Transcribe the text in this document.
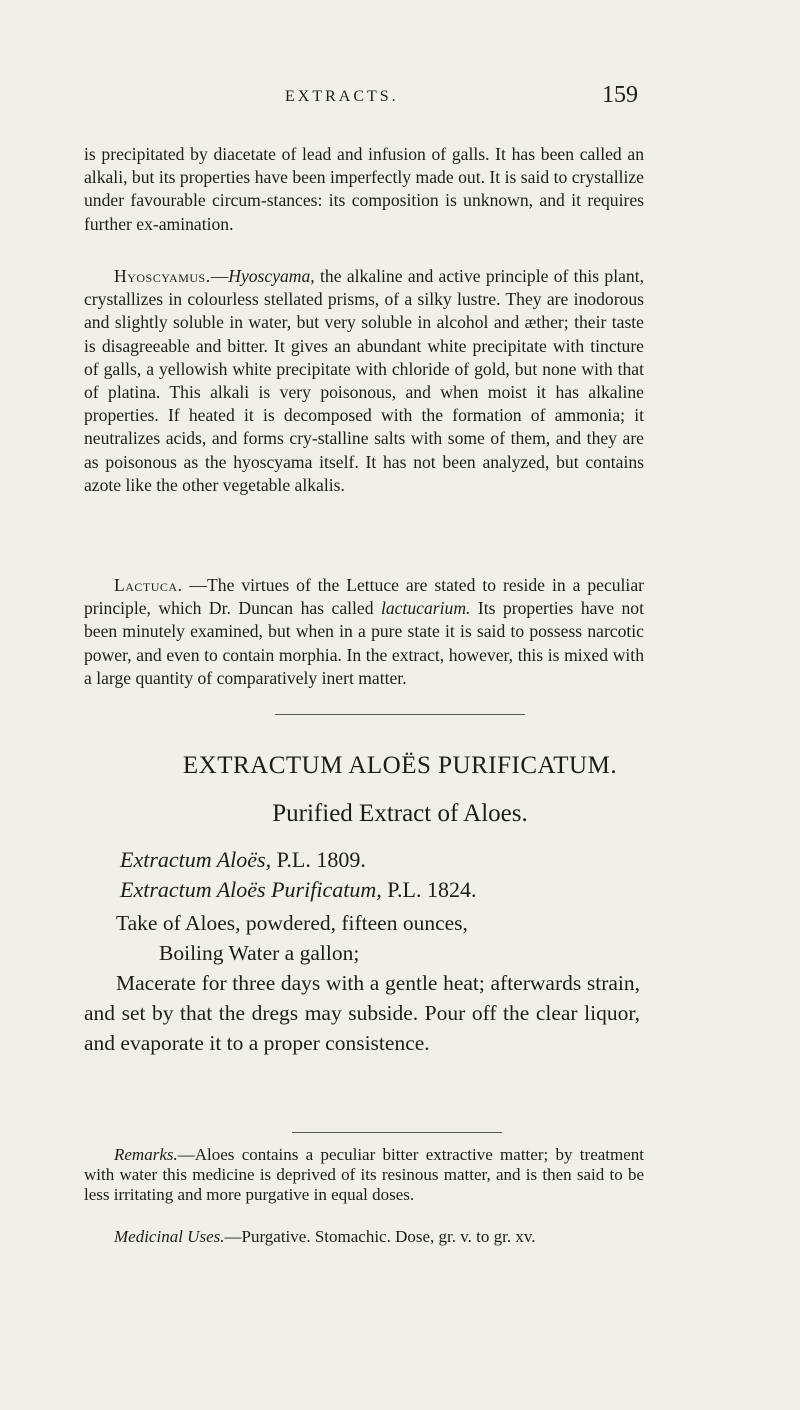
EXTRACTS.	159

is precipitated by diacetate of lead and infusion of galls. It has been called an alkali, but its properties have been imperfectly made out. It is said to crystallize under favourable circum-stances: its composition is unknown, and it requires further ex-amination.

Hyoscyamus.—Hyoscyama, the alkaline and active principle of this plant, crystallizes in colourless stellated prisms, of a silky lustre. They are inodorous and slightly soluble in water, but very soluble in alcohol and æther; their taste is disagreeable and bitter. It gives an abundant white precipitate with tincture of galls, a yellowish white precipitate with chloride of gold, but none with that of platina. This alkali is very poisonous, and when moist it has alkaline properties. If heated it is decomposed with the formation of ammonia; it neutralizes acids, and forms cry-stalline salts with some of them, and they are as poisonous as the hyoscyama itself. It has not been analyzed, but contains azote like the other vegetable alkalis.

Lactuca. —The virtues of the Lettuce are stated to reside in a peculiar principle, which Dr. Duncan has called lactucarium. Its properties have not been minutely examined, but when in a pure state it is said to possess narcotic power, and even to contain morphia. In the extract, however, this is mixed with a large quantity of comparatively inert matter.

EXTRACTUM ALOËS PURIFICATUM.
Purified Extract of Aloes.
Extractum Aloës, P.L. 1809.
Extractum Aloës Purificatum, P.L. 1824.
Take of Aloes, powdered, fifteen ounces,
Boiling Water a gallon;
Macerate for three days with a gentle heat; afterwards strain, and set by that the dregs may subside. Pour off the clear liquor, and evaporate it to a proper consistence.

Remarks.—Aloes contains a peculiar bitter extractive matter; by treatment with water this medicine is deprived of its resinous matter, and is then said to be less irritating and more purgative in equal doses.

Medicinal Uses.—Purgative. Stomachic. Dose, gr. v. to gr. xv.
